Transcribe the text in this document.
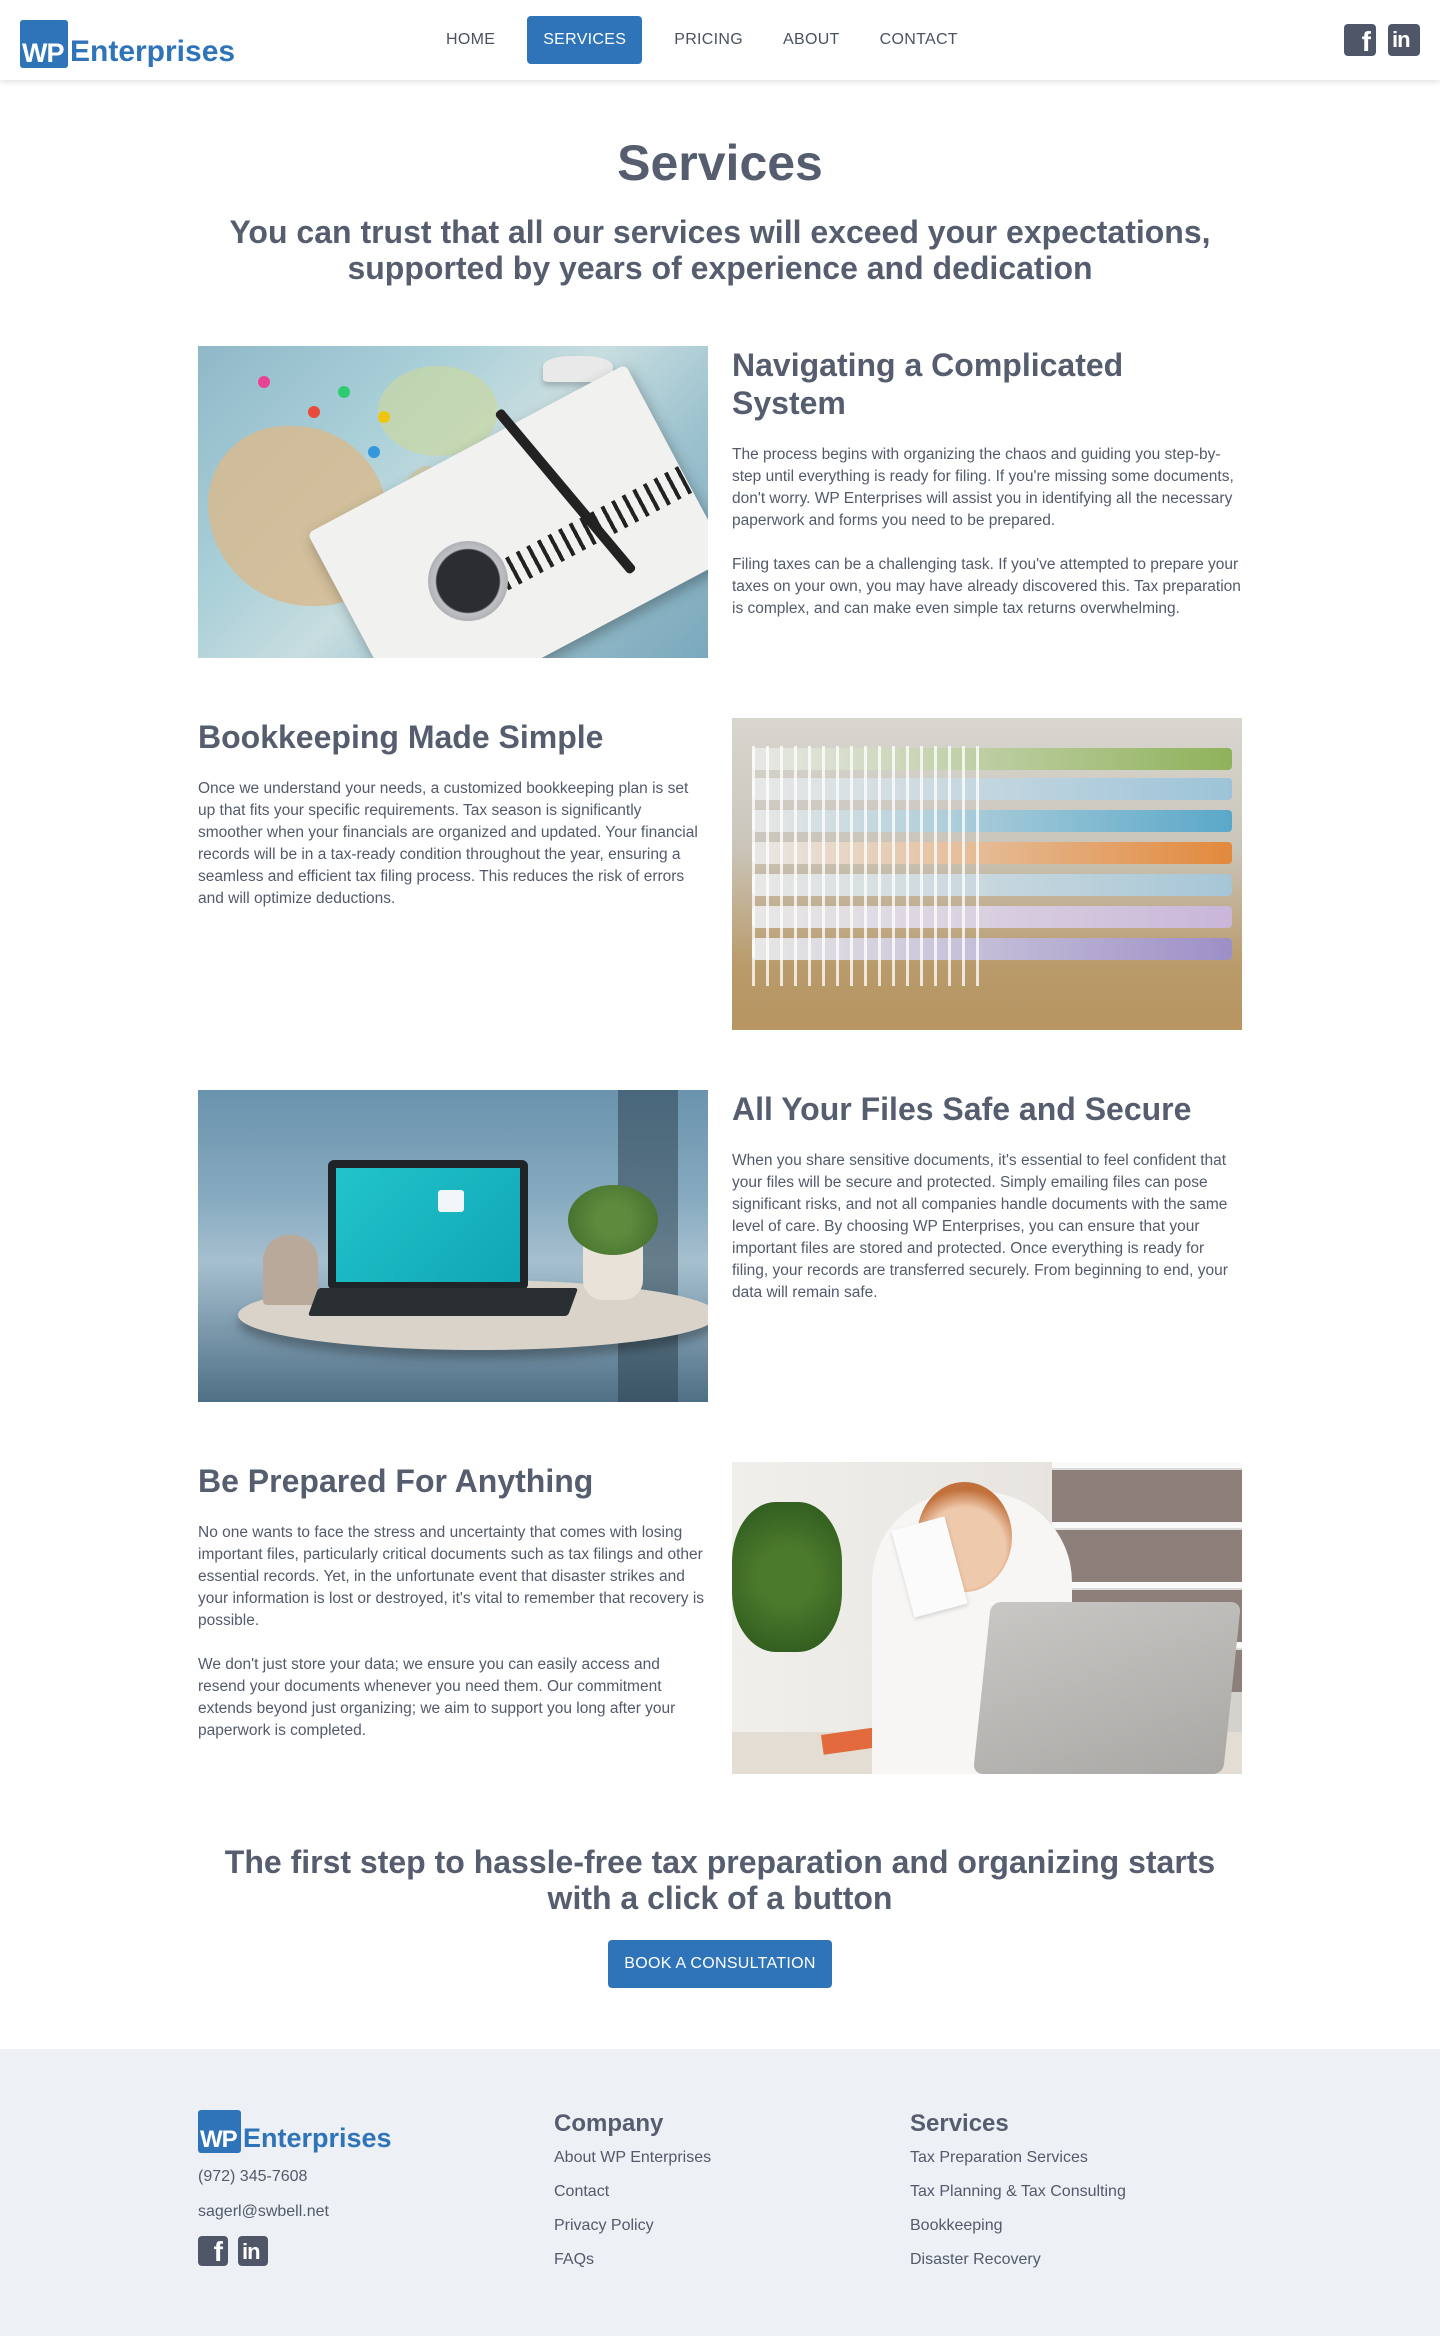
WP Enterprises	HOME	SERVICES	PRICING	ABOUT	CONTACT	f in
Services
You can trust that all our services will exceed your expectations,
supported by years of experience and dedication
Navigating a Complicated System

The process begins with organizing the chaos and guiding you step-by-step until everything is ready for filing. If you're missing some documents, don't worry. WP Enterprises will assist you in identifying all the necessary paperwork and forms you need to be prepared.

Filing taxes can be a challenging task. If you've attempted to prepare your taxes on your own, you may have already discovered this. Tax preparation is complex, and can make even simple tax returns overwhelming.

Bookkeeping Made Simple

Once we understand your needs, a customized bookkeeping plan is set up that fits your specific requirements. Tax season is significantly smoother when your financials are organized and updated. Your financial records will be in a tax-ready condition throughout the year, ensuring a seamless and efficient tax filing process. This reduces the risk of errors and will optimize deductions.

All Your Files Safe and Secure

When you share sensitive documents, it's essential to feel confident that your files will be secure and protected. Simply emailing files can pose significant risks, and not all companies handle documents with the same level of care. By choosing WP Enterprises, you can ensure that your important files are stored and protected. Once everything is ready for filing, your records are transferred securely. From beginning to end, your data will remain safe.

Be Prepared For Anything

No one wants to face the stress and uncertainty that comes with losing important files, particularly critical documents such as tax filings and other essential records. Yet, in the unfortunate event that disaster strikes and your information is lost or destroyed, it's vital to remember that recovery is possible.

We don't just store your data; we ensure you can easily access and resend your documents whenever you need them. Our commitment extends beyond just organizing; we aim to support you long after your paperwork is completed.

The first step to hassle-free tax preparation and organizing starts
with a click of a button
BOOK A CONSULTATION
WP Enterprises
(972) 345-7608
sagerl@swbell.net
f in
Company
About WP Enterprises
Contact
Privacy Policy
FAQs
Services
Tax Preparation Services
Tax Planning & Tax Consulting
Bookkeeping
Disaster Recovery
